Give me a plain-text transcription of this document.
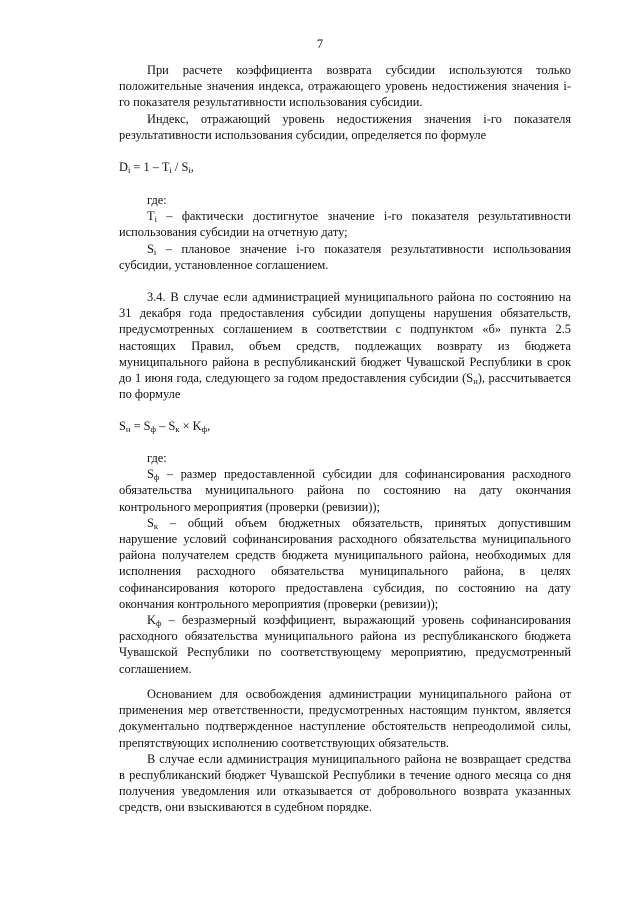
7

При расчете коэффициента возврата субсидии используются только положительные значения индекса, отражающего уровень недостижения значения i-го показателя результативности использования субсидии.

Индекс, отражающий уровень недостижения значения i-го показателя результативности использования субсидии, определяется по формуле

$D_i = 1 - T_i / S_i$,

где:

$T_i$ – фактически достигнутое значение i-го показателя результативности использования субсидии на отчетную дату;

$S_i$ – плановое значение i-го показателя результативности использования субсидии, установленное соглашением.

3.4. В случае если администрацией муниципального района по состоянию на 31 декабря года предоставления субсидии допущены нарушения обязательств, предусмотренных соглашением в соответствии с подпунктом «б» пункта 2.5 настоящих Правил, объем средств, подлежащих возврату из бюджета муниципального района в республиканский бюджет Чувашской Республики в срок до 1 июня года, следующего за годом предоставления субсидии $(S_н)$, рассчитывается по формуле

$S_н = S_ф - S_к \times K_ф$,

где:

$S_ф$ – размер предоставленной субсидии для софинансирования расходного обязательства муниципального района по состоянию на дату окончания контрольного мероприятия (проверки (ревизии));

$S_к$ – общий объем бюджетных обязательств, принятых допустившим нарушение условий софинансирования расходного обязательства муниципального района получателем средств бюджета муниципального района, необходимых для исполнения расходного обязательства муниципального района, в целях софинансирования которого предоставлена субсидия, по состоянию на дату окончания контрольного мероприятия (проверки (ревизии));

$K_ф$ – безразмерный коэффициент, выражающий уровень софинансирования расходного обязательства муниципального района из республиканского бюджета Чувашской Республики по соответствующему мероприятию, предусмотренный соглашением.

Основанием для освобождения администрации муниципального района от применения мер ответственности, предусмотренных настоящим пунктом, является документально подтвержденное наступление обстоятельств непреодолимой силы, препятствующих исполнению соответствующих обязательств.

В случае если администрация муниципального района не возвращает средства в республиканский бюджет Чувашской Республики в течение одного месяца со дня получения уведомления или отказывается от добровольного возврата указанных средств, они взыскиваются в судебном порядке.
